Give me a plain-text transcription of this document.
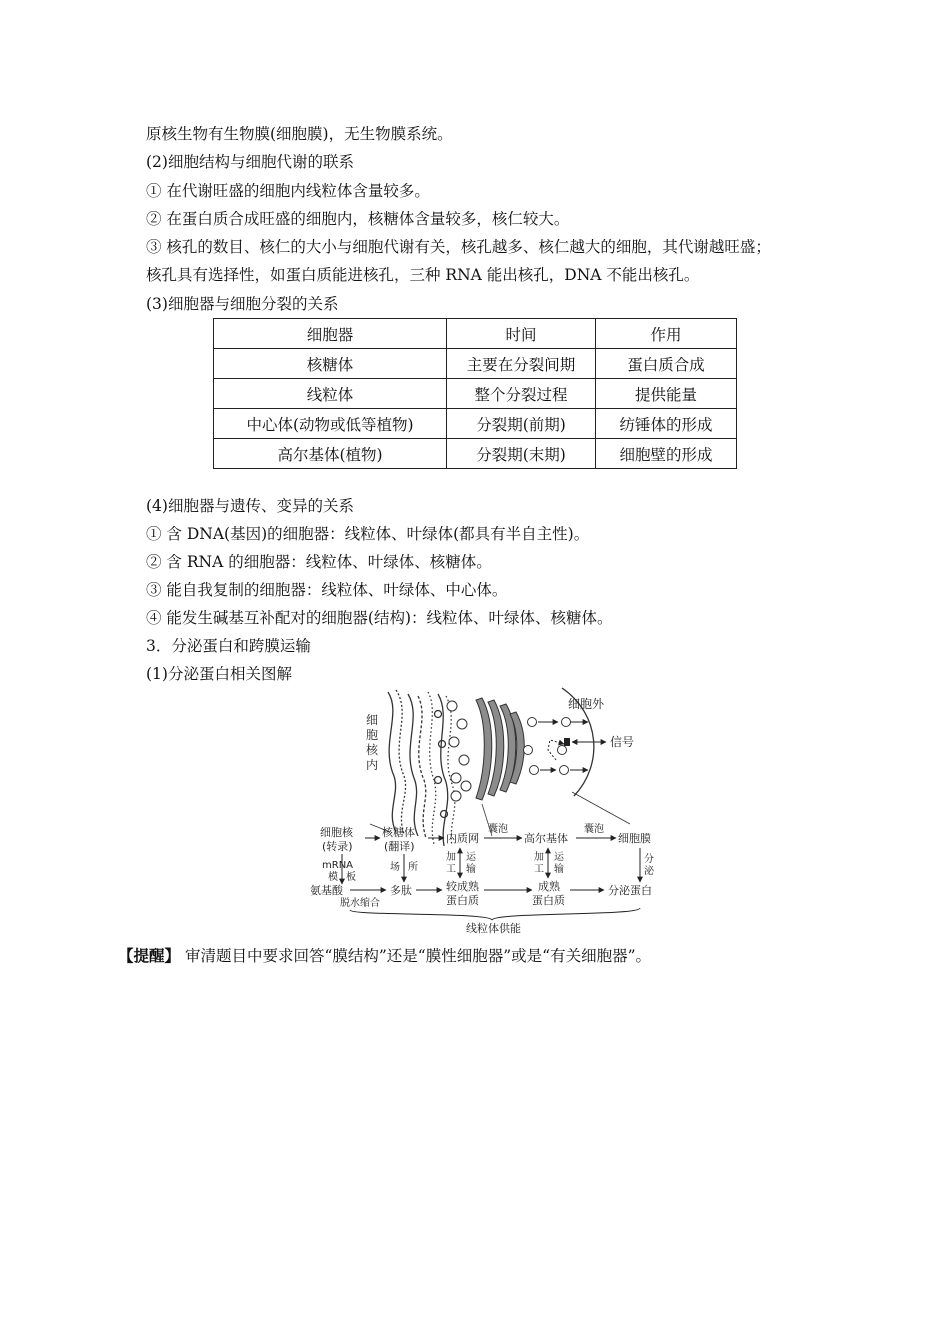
原核生物有生物膜(细胞膜)，无生物膜系统。
(2)细胞结构与细胞代谢的联系
① 在代谢旺盛的细胞内线粒体含量较多。
② 在蛋白质合成旺盛的细胞内，核糖体含量较多，核仁较大。
③ 核孔的数目、核仁的大小与细胞代谢有关，核孔越多、核仁越大的细胞，其代谢越旺盛；
核孔具有选择性，如蛋白质能进核孔，三种 RNA 能出核孔，DNA 不能出核孔。
(3)细胞器与细胞分裂的关系
细胞器	时间	作用
核糖体	主要在分裂间期	蛋白质合成
线粒体	整个分裂过程	提供能量
中心体(动物或低等植物)	分裂期(前期)	纺锤体的形成
高尔基体(植物)	分裂期(末期)	细胞壁的形成
(4)细胞器与遗传、变异的关系
① 含 DNA(基因)的细胞器：线粒体、叶绿体(都具有半自主性)。
② 含 RNA 的细胞器：线粒体、叶绿体、核糖体。
③ 能自我复制的细胞器：线粒体、叶绿体、中心体。
④ 能发生碱基互补配对的细胞器(结构)：线粒体、叶绿体、核糖体。
3．分泌蛋白和跨膜运输
(1)分泌蛋白相关图解
细
胞
核
内
细胞外
信号
细胞核
(转录)
核糖体
(翻译)
内质网	高尔基体	细胞膜
囊泡	囊泡
mRNA
模 板
场 所
加
工
运
输
加
工
运
输
分
泌
氨基酸	多肽	较成熟
蛋白质
成熟
蛋白质
分泌蛋白
脱水缩合
线粒体供能
【提醒】 审清题目中要求回答“膜结构”还是“膜性细胞器”或是“有关细胞器”。
